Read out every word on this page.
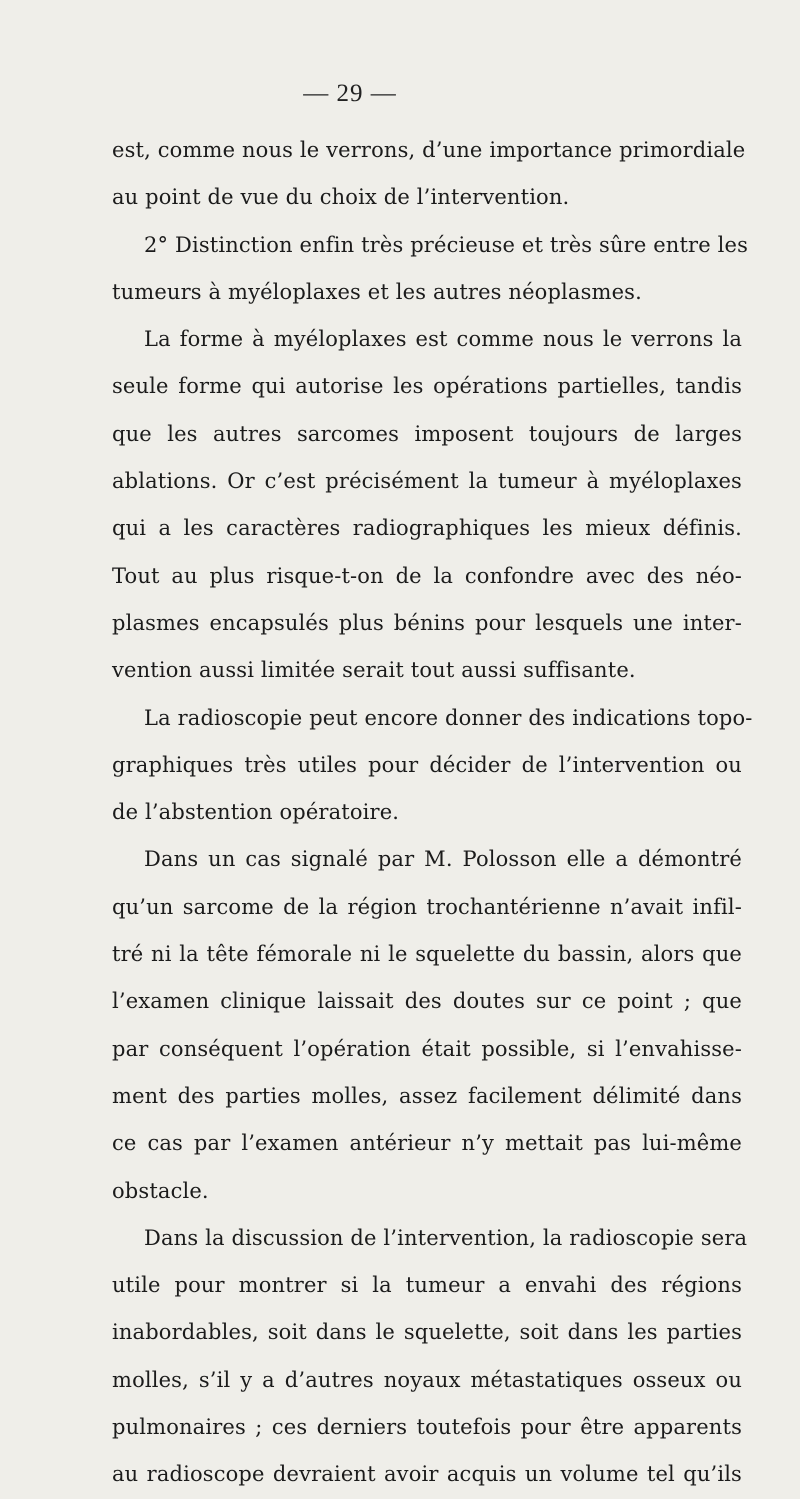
— 29 —
est, comme nous le verrons, d’une importance primordiale
au point de vue du choix de l’intervention.
2° Distinction enfin très précieuse et très sûre entre les
tumeurs à myéloplaxes et les autres néoplasmes.
La forme à myéloplaxes est comme nous le verrons la
seule forme qui autorise les opérations partielles, tandis
que les autres sarcomes imposent toujours de larges
ablations. Or c’est précisément la tumeur à myéloplaxes
qui a les caractères radiographiques les mieux définis.
Tout au plus risque-t-on de la confondre avec des néo-
plasmes encapsulés plus bénins pour lesquels une inter-
vention aussi limitée serait tout aussi suffisante.
La radioscopie peut encore donner des indications topo-
graphiques très utiles pour décider de l’intervention ou
de l’abstention opératoire.
Dans un cas signalé par M. Polosson elle a démontré
qu’un sarcome de la région trochantérienne n’avait infil-
tré ni la tête fémorale ni le squelette du bassin, alors que
l’examen clinique laissait des doutes sur ce point ; que
par conséquent l’opération était possible, si l’envahisse-
ment des parties molles, assez facilement délimité dans
ce cas par l’examen antérieur n’y mettait pas lui-même
obstacle.
Dans la discussion de l’intervention, la radioscopie sera
utile pour montrer si la tumeur a envahi des régions
inabordables, soit dans le squelette, soit dans les parties
molles, s’il y a d’autres noyaux métastatiques osseux ou
pulmonaires ; ces derniers toutefois pour être apparents
au radioscope devraient avoir acquis un volume tel qu’ils
